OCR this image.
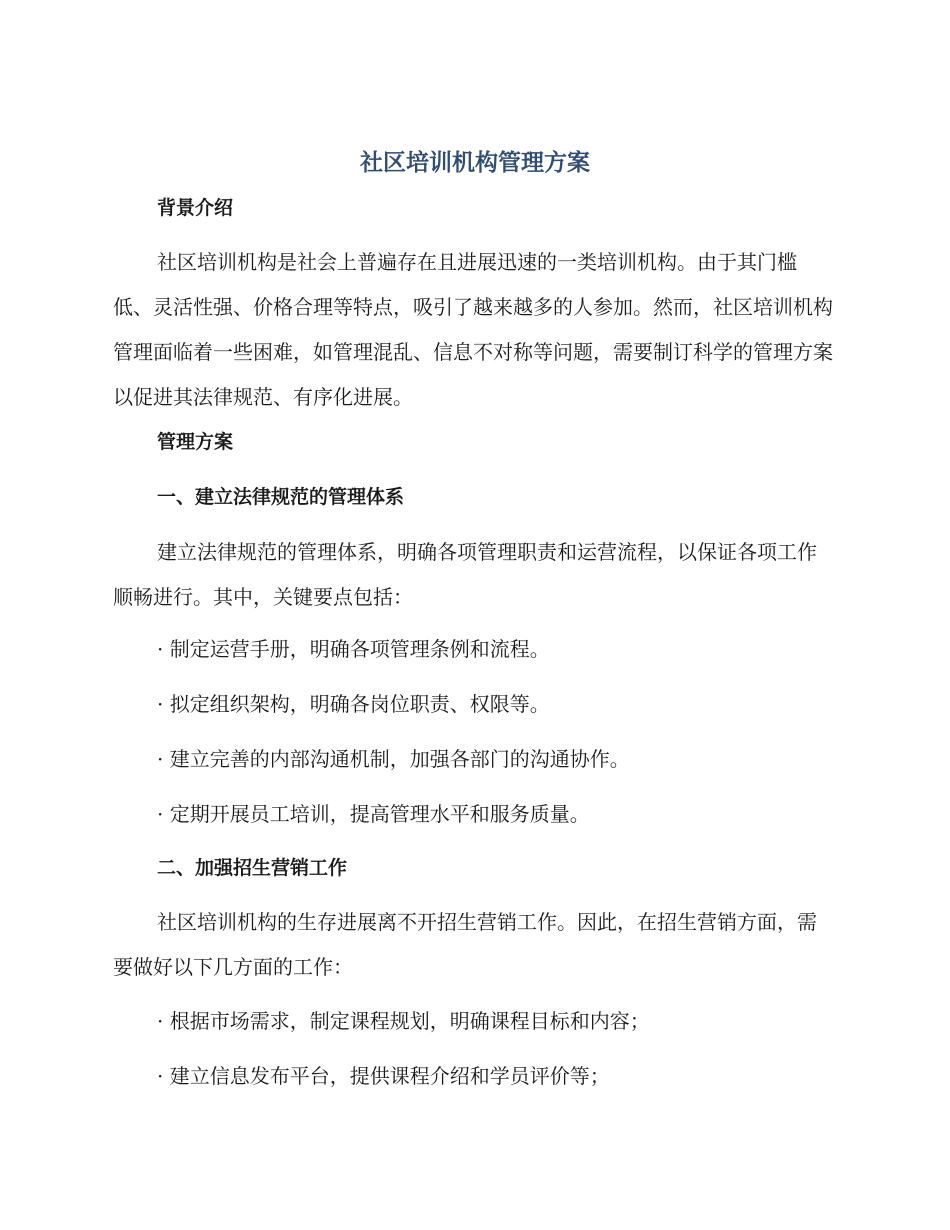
社区培训机构管理方案
背景介绍

社区培训机构是社会上普遍存在且进展迅速的一类培训机构。由于其门槛低、灵活性强、价格合理等特点，吸引了越来越多的人参加。然而，社区培训机构管理面临着一些困难，如管理混乱、信息不对称等问题，需要制订科学的管理方案以促进其法律规范、有序化进展。

管理方案
一、建立法律规范的管理体系

建立法律规范的管理体系，明确各项管理职责和运营流程，以保证各项工作顺畅进行。其中，关键要点包括：

· 制定运营手册，明确各项管理条例和流程。

· 拟定组织架构，明确各岗位职责、权限等。

· 建立完善的内部沟通机制，加强各部门的沟通协作。

· 定期开展员工培训，提高管理水平和服务质量。

二、加强招生营销工作

社区培训机构的生存进展离不开招生营销工作。因此，在招生营销方面，需要做好以下几方面的工作：

· 根据市场需求，制定课程规划，明确课程目标和内容；

· 建立信息发布平台，提供课程介绍和学员评价等；
